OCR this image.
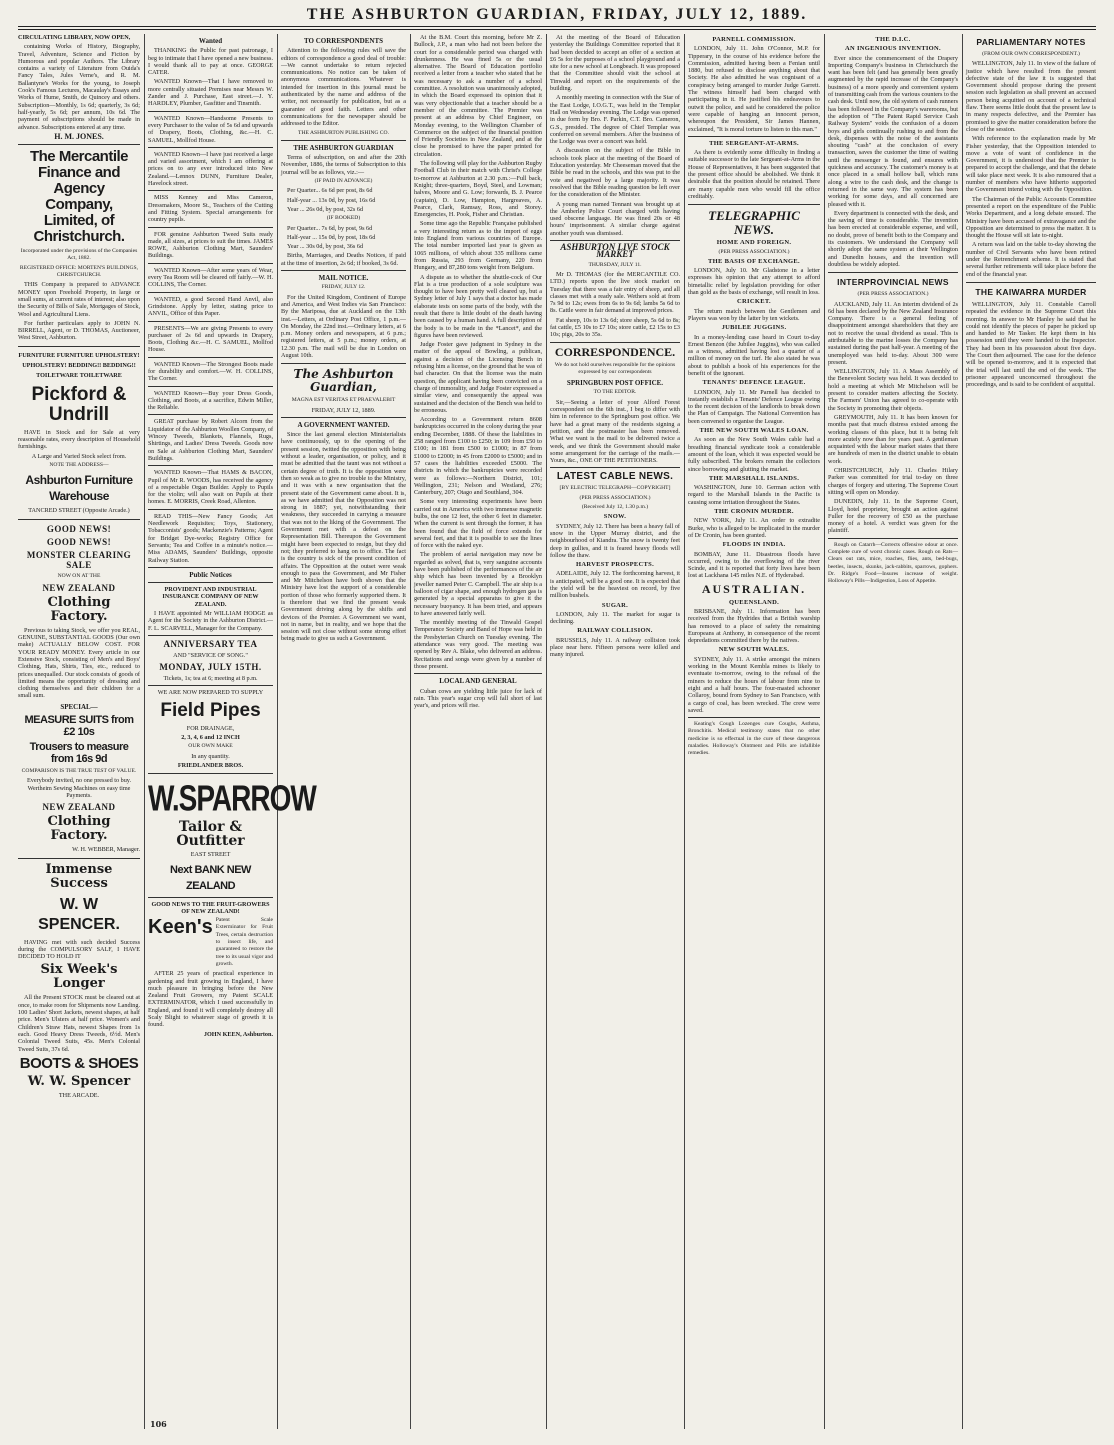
THE ASHBURTON GUARDIAN, FRIDAY, JULY 12, 1889.

CIRCULATING LIBRARY, NOW OPEN,

containing Works of History, Biography, Travel, Adventure, Science and Fiction by Humorous and popular Authors. The Library contains a variety of Literature from Ouida's Fancy Tales, Jules Verne's, and R. M. Ballantyne's Works for the young, to Joseph Cook's Famous Lectures, Macaulay's Essays and Works of Hume, Smith, de Quincey and others. Subscription—Monthly, 1s 6d; quarterly, 3s 6d; half-yearly, 5s 6d; per annum, 10s 6d. The payment of subscriptions should be made in advance. Subscriptions entered at any time.

H. M. JONES.

The Mercantile Finance and Agency Company, Limited, of Christchurch.

Incorporated under the provisions of the Companies Act, 1882.

REGISTERED OFFICE: MORTEN'S BUILDINGS, CHRISTCHURCH.

THIS Company is prepared to ADVANCE MONEY upon Freehold Property, in large or small sums, at current rates of interest; also upon the Security of Bills of Sale, Mortgages of Stock, Wool and Agricultural Liens.

For further particulars apply to JOHN N. BIRRELL, Agent, or D. THOMAS, Auctioneer, West Street, Ashburton.

FURNITURE FURNITURE UPHOLSTERY! UPHOLSTERY! BEDDING!! BEDDING!! TOILETWARE TOILETWARE

Pickford & Undrill

HAVE in Stock and for Sale at very reasonable rates, every description of Household furnishings.

A Large and Varied Stock select from.

NOTE THE ADDRESS—

Ashburton Furniture Warehouse

TANCRED STREET (Opposite Arcade.)

GOOD NEWS!
GOOD NEWS!
MONSTER CLEARING SALE

NOW ON AT THE

NEW ZEALAND
Clothing Factory.

Previous to taking Stock, we offer you REAL, GENUINE, SUBSTANTIAL GOODS (Our own make) ACTUALLY BELOW COST. FOR YOUR READY MONEY. Every article in our Extensive Stock, consisting of Men's and Boys' Clothing, Hats, Shirts, Ties, etc., reduced to prices unequalled. Our stock consists of goods of limited means the opportunity of dressing and clothing themselves and their children for a small sum.

SPECIAL—
MEASURE SUITS from £2 10s
Trousers to measure from 16s 9d

COMPARISON IS THE TRUE TEST OF VALUE.

Everybody invited, no one pressed to buy. Wertheim Sewing Machines on easy time Payments.

NEW ZEALAND
Clothing Factory.

W. H. WEBBER, Manager.

Immense Success
W. W SPENCER.

HAVING met with such decided Success during the COMPULSORY SALF, I HAVE DECIDED TO HOLD IT

Six Week's Longer

All the Present STOCK must be cleared out at once, to make room for Shipments now Landing. 100 Ladies' Short Jackets, newest shapes, at half price. Men's Ulsters at half price. Women's and Children's Straw Hats, newest Shapes from 1s each. Good Heavy Dress Tweeds, 6½d. Men's Colonial Tweed Suits, 45s. Men's Colonial Tweed Suits, 37s 6d.

BOOTS & SHOES
W. W. Spencer

THE ARCADE.

Wanted

THANKING the Public for past patronage, I beg to intimate that I have opened a new business. I would thank all to pay at once. GEORGE CATER.

WANTED Known—That I have removed to more centrally situated Premises near Messrs W. Zander and J. Purchase, East street.—J. Y. HARDLEY, Plumber, Gasfitter and Tinsmith.

WANTED Known—Handsome Presents to every Purchaser to the value of 5s 6d and upwards of Drapery, Boots, Clothing, &c.—H. C. SAMUEL, Mollfod House.

WANTED Known—I have just received a large and varied assortment, which I am offering at prices on to any ever introduced into New Zealand.—Lennox DUNN, Furniture Dealer, Havelock street.

MISS Kenney and Miss Cameron, Dressmakers, Moore St., Teachers of the Cutting and Fitting System. Special arrangements for country pupils.

FOR genuine Ashburton Tweed Suits ready made, all sizes, at prices to suit the times. JAMES ROWE, Ashburton Clothing Mart, Saunders' Buildings.

WANTED Known—After some years of Wear, every Tea Room will be cleared off fairly.—W. H. COLLINS, The Corner.

WANTED, a good Second Hand Anvil, also Grindstone. Apply by letter, stating price to ANVIL, Office of this Paper.

PRESENTS—We are giving Presents to every purchaser of 2s 6d and upwards in Drapery, Boots, Clothing &c.—H. C. SAMUEL, Mollfod House.

WANTED Known—The Strongest Boots made for durability and comfort.—W. H. COLLINS, The Corner.

WANTED Known—Buy your Dress Goods, Clothing, and Boots, at a sacrifice, Edwin Miller, the Reliable.

GREAT purchase by Robert Alcorn from the Liquidator of the Ashburton Woollen Company, of Wincey Tweeds, Blankets, Flannels, Rugs, Shirtings, and Ladies' Dress Tweeds. Goods now on Sale at Ashburton Clothing Mart, Saunders' Buildings.

WANTED Known—That HAMS & BACON, Pupil of Mr R. WOODS, has received the agency of a respectable Organ Builder. Apply to Pupils for the violin; will also wait on Pupils at their homes. E. MORRIS, Creek Road, Allenton.

READ THIS—New Fancy Goods; Art Needlework Requisites; Toys, Stationery, Tobacconists' goods; Mackenzie's Patterns; Agent for Bridget Dye-works; Registry Office for Servants; Tea and Coffee in a minute's notice.—Miss ADAMS, Saunders' Buildings, opposite Railway Station.

Public Notices

PROVIDENT AND INDUSTRIAL INSURANCE COMPANY OF NEW ZEALAND.

I HAVE appointed Mr WILLIAM HODGE as Agent for the Society in the Ashburton District.—F. L. SCARVELL, Manager for the Company.

ANNIVERSARY TEA

AND "SERVICE OF SONG."

MONDAY, JULY 15TH.

Tickets, 1s; tea at 6; meeting at 8 p.m.

WE ARE NOW PREPARED TO SUPPLY

Field Pipes

FOR DRAINAGE,

2, 3, 4, 6 and 12 INCH

OUR OWN MAKE

In any quantity.

FRIEDLANDER BROS.

W.SPARROW
Tailor & Outfitter

EAST STREET

Next BANK NEW ZEALAND

GOOD NEWS TO THE FRUIT-GROWERS OF NEW ZEALAND!

Keen's Patent Scale Exterminator for Fruit Trees, certain destruction to insect life, and guaranteed to restore the tree to its usual vigor and growth.

AFTER 25 years of practical experience in gardening and fruit growing in England, I have much pleasure in bringing before the New Zealand Fruit Growers, my Patent SCALE EXTERMINATOR, which I used successfully in England, and found it will completely destroy all Scaly Blight to whatever stage of growth it is found.

JOHN KEEN, Ashburton.

106
TO CORRESPONDENTS

Attention to the following rules will save the editors of correspondence a good deal of trouble:—We cannot undertake to return rejected communications. No notice can be taken of anonymous communications. Whatever is intended for insertion in this journal must be authenticated by the name and address of the writer, not necessarily for publication, but as a guarantee of good faith. Letters and other communications for the newspaper should be addressed to the Editor.

THE ASHBURTON PUBLISHING CO.

THE ASHBURTON GUARDIAN

Terms of subscription, on and after the 20th November, 1886, the terms of Subscription to this journal will be as follows, viz.:—

(IF PAID IN ADVANCE)

Per Quarter... 6s 6d per post, 8s 6d

Half-year ... 13s 0d, by post, 16s 6d

Year ... 26s 0d, by post, 32s 6d

(IF BOOKED)

Per Quarter... 7s 6d, by post, 9s 6d

Half-year ... 15s 0d, by post, 18s 6d

Year ... 30s 0d, by post, 36s 6d

Births, Marriages, and Deaths Notices, if paid at the time of insertion, 2s 6d; if booked, 3s 6d.

MAIL NOTICE.

FRIDAY, JULY 12.

For the United Kingdom, Continent of Europe and America, and West Indies via San Francisco: By the Mariposa, due at Auckland on the 13th inst.—Letters, at Ordinary Post Office, 1 p.m.—On Monday, the 22nd inst.—Ordinary letters, at 6 p.m. Money orders and newspapers, at 6 p.m.; registered letters, at 5 p.m.; money orders, at 12.30 p.m. The mail will be due in London on August 10th.

The Ashburton Guardian,

MAGNA EST VERITAS ET PRAEVALEBIT

FRIDAY, JULY 12, 1889.

A GOVERNMENT WANTED.

Since the last general election Ministerialists have continuously, up to the opening of the present session, twitted the opposition with being without a leader, organisation, or policy, and it must be admitted that the taunt was not without a certain degree of truth. It is the opposition were then so weak as to give no trouble to the Ministry, and it was with a new organisation that the present state of the Government came about. It is, as we have admitted that the Opposition was not strong in 1887; yet, notwithstanding their weakness, they succeeded in carrying a measure that was not to the liking of the Government. The Government met with a defeat on the Representation Bill. Thereupon the Government might have been expected to resign, but they did not; they preferred to hang on to office. The fact is the country is sick of the present condition of affairs. The Opposition at the outset were weak enough to pass the Government, and Mr Fisher and Mr Mitchelson have both shown that the Ministry have lost the support of a considerable portion of those who formerly supported them. It is therefore that we find the present weak Government driving along by the shifts and devices of the Premier. A Government we want, not in name, but in reality, and we hope that the session will not close without some strong effort being made to give us such a Government.

At the B.M. Court this morning, before Mr Z. Bullock, J.P., a man who had not been before the court for a considerable period was charged with drunkenness. He was fined 5s or the usual alternative. The Board of Education portfolio received a letter from a teacher who stated that he was necessary to ask a number of a school committee. A resolution was unanimously adopted, in which the Board expressed its opinion that it was very objectionable that a teacher should be a member of the committee. The Premier was present at an address by Chief Engineer, on Monday evening, to the Wellington Chamber of Commerce on the subject of the financial position of Friendly Societies in New Zealand, and at the close he promised to have the paper printed for circulation.

The following will play for the Ashburton Rugby Football Club in their match with Christ's College to-morrow at Ashburton at 2.30 p.m.:—Full back, Knight; three-quarters, Boyd, Steel, and Lowman; halves, Moore and G. Low; forwards, B. J. Pearce (captain), D. Low, Hampton, Hargreaves, A. Pearce, Clark, Ramsay, Ross, and Storey. Emergencies, H. Pook, Fisher and Christian.

Some time ago the Republic Française published a very interesting return as to the import of eggs into England from various countries of Europe. The total number imported last year is given as 1065 millions, of which about 335 millions came from Russia, 293 from Germany, 220 from Hungary, and 87,280 tons weight from Belgium.

A dispute as to whether the shuttle-cock of Our Flat is a true production of a sole sculpture was thought to have been pretty well cleared up, but a Sydney letter of July 1 says that a doctor has made elaborate tests on some parts of the body, with the result that there is little doubt of the death having been caused by a human hand. A full description of the body is to be made in the *Lancet*, and the figures have been reviewed.

Judge Foster gave judgment in Sydney in the matter of the appeal of Bowling, a publican, against a decision of the Licensing Bench in refusing him a license, on the ground that he was of bad character. On that the license was the main question, the applicant having been convicted on a charge of immorality, and Judge Foster expressed a similar view, and consequently the appeal was sustained and the decision of the Bench was held to be erroneous.

According to a Government return 8608 bankruptcies occurred in the colony during the year ending December, 1888. Of these the liabilities in 258 ranged from £100 to £250; in 109 from £50 to £100; in 181 from £500 to £1000; in 87 from £1000 to £2000; in 45 from £2000 to £5000; and in 57 cases the liabilities exceeded £5000. The districts in which the bankruptcies were recorded were as follows:—Northern District, 101; Wellington, 231; Nelson and Westland, 276; Canterbury, 207; Otago and Southland, 304.

Some very interesting experiments have been carried out in America with two immense magnetic bulbs, the one 12 feet, the other 6 feet in diameter. When the current is sent through the former, it has been found that the field of force extends for several feet, and that it is possible to see the lines of force with the naked eye.

The problem of aerial navigation may now be regarded as solved, that is, very sanguine accounts have been published of the performances of the air ship which has been invented by a Brooklyn jeweller named Peter C. Campbell. The air ship is a balloon of cigar shape, and enough hydrogen gas is generated by a special apparatus to give it the necessary buoyancy. It has been tried, and appears to have answered fairly well.

The monthly meeting of the Tinwald Gospel Temperance Society and Band of Hope was held in the Presbyterian Church on Tuesday evening. The attendance was very good. The meeting was opened by Rev A. Blake, who delivered an address. Recitations and songs were given by a number of those present.

LOCAL AND GENERAL

Cuban cows are yielding little juice for lack of rain. This year's sugar crop will fall short of last year's, and prices will rise.

At the meeting of the Board of Education yesterday the Buildings Committee reported that it had been decided to accept an offer of a section at £6 5s for the purposes of a school playground and a site for a new school at Longbeach. It was proposed that the Committee should visit the school at Tinwald and report on the requirements of the building.

A monthly meeting in connection with the Star of the East Lodge, I.O.G.T., was held in the Templar Hall on Wednesday evening. The Lodge was opened in due form by Bro. F. Parkin, C.T. Bro. Cameron, G.S., presided. The degree of Chief Templar was conferred on several members. After the business of the Lodge was over a concert was held.

A discussion on the subject of the Bible in schools took place at the meeting of the Board of Education yesterday. Mr Cheeseman moved that the Bible be read in the schools, and this was put to the vote and negatived by a large majority. It was resolved that the Bible reading question be left over for the consideration of the Minister.

A young man named Tennant was brought up at the Amberley Police Court charged with having used obscene language. He was fined 20s or 48 hours' imprisonment. A similar charge against another youth was dismissed.

ASHBURTON LIVE STOCK MARKET

THURSDAY, JULY 11.

Mr D. THOMAS (for the MERCANTILE CO. LTD.) reports upon the live stock market on Tuesday that there was a fair entry of sheep, and all classes met with a ready sale. Wethers sold at from 7s 9d to 12s; ewes from 6s to 9s 6d; lambs 5s 6d to 8s. Cattle were in fair demand at improved prices.

Fat sheep, 10s to 13s 6d; store sheep, 5s 6d to 8s; fat cattle, £5 10s to £7 10s; store cattle, £2 15s to £3 10s; pigs, 20s to 35s.

CORRESPONDENCE.

We do not hold ourselves responsible for the opinions expressed by our correspondents

SPRINGBURN POST OFFICE.

TO THE EDITOR.

Sir,—Seeing a letter of your Alford Forest correspondent on the 6th inst., I beg to differ with him in reference to the Springburn post office. We have had a great many of the residents signing a petition, and the postmaster has been removed. What we want is the mail to be delivered twice a week, and we think the Government should make some arrangement for the carriage of the mails.—Yours, &c., ONE OF THE PETITIONERS.

LATEST CABLE NEWS.

[BY ELECTRIC TELEGRAPH—COPYRIGHT]

(PER PRESS ASSOCIATION.)

(Received July 12, 1.30 p.m.)

SNOW.

SYDNEY, July 12. There has been a heavy fall of snow in the Upper Murray district, and the neighbourhood of Kiandra. The snow is twenty feet deep in gullies, and it is feared heavy floods will follow the thaw.

HARVEST PROSPECTS.

ADELAIDE, July 12. The forthcoming harvest, it is anticipated, will be a good one. It is expected that the yield will be the heaviest on record, by five million bushels.

SUGAR.

LONDON, July 11. The market for sugar is declining.

RAILWAY COLLISION.

BRUSSELS, July 11. A railway collision took place near here. Fifteen persons were killed and many injured.

PARNELL COMMISSION.

LONDON, July 11. John O'Connor, M.P. for Tipperary, in the course of his evidence before the Commission, admitted having been a Fenian until 1880, but refused to disclose anything about that Society. He also admitted he was cognisant of a conspiracy being arranged to murder Judge Garrett. The witness himself had been charged with participating in it. He justified his endeavours to outwit the police, and said he considered the police were capable of hanging an innocent person, whereupon the President, Sir James Hannen, exclaimed, "It is moral torture to listen to this man."

THE SERGEANT-AT-ARMS.

As there is evidently some difficulty in finding a suitable successor to the late Sergeant-at-Arms in the House of Representatives, it has been suggested that the present office should be abolished. We think it desirable that the position should be retained. There are many capable men who would fill the office creditably.

TELEGRAPHIC NEWS.
HOME AND FOREIGN.

(PER PRESS ASSOCIATION.)

THE BASIS OF EXCHANGE.

LONDON, July 10. Mr Gladstone in a letter expresses his opinion that any attempt to afford bimetallic relief by legislation providing for other than gold as the basis of exchange, will result in loss.

CRICKET.

The return match between the Gentlemen and Players was won by the latter by ten wickets.

JUBILEE JUGGINS.

In a money-lending case heard in Court to-day Ernest Benzon (the Jubilee Juggins), who was called as a witness, admitted having lost a quarter of a million of money on the turf. He also stated he was about to publish a book of his experiences for the benefit of the ignorant.

TENANTS' DEFENCE LEAGUE.

LONDON, July 11. Mr Parnell has decided to instantly establish a Tenants' Defence League owing to the recent decision of the landlords to break down the Plan of Campaign. The National Convention has been convened to organise the League.

THE NEW SOUTH WALES LOAN.

As soon as the New South Wales cable had a breathing financial syndicate took a considerable amount of the loan, which it was expected would be fully subscribed. The brokers remain the collectors since borrowing and glutting the market.

THE MARSHALL ISLANDS.

WASHINGTON, June 10. German action with regard to the Marshall Islands in the Pacific is causing some irritation throughout the States.

THE CRONIN MURDER.

NEW YORK, July 11. An order to extradite Burke, who is alleged to be implicated in the murder of Dr Cronin, has been granted.

FLOODS IN INDIA.

BOMBAY, June 11. Disastrous floods have occurred, owing to the overflowing of the river Scinde, and it is reported that forty lives have been lost at Lackhana 145 miles N.E. of Hyderabad.

AUSTRALIAN.
QUEENSLAND.

BRISBANE, July 11. Information has been received from the Hydrides that a British warship has removed to a place of safety the remaining Europeans at Anthony, in consequence of the recent depredations committed there by the natives.

NEW SOUTH WALES.

SYDNEY, July 11. A strike amongst the miners working in the Mount Kembla mines is likely to eventuate to-morrow, owing to the refusal of the miners to reduce the hours of labour from nine to eight and a half hours. The four-masted schooner Collaroy, bound from Sydney to San Francisco, with a cargo of coal, has been wrecked. The crew were saved.

Keating's Cough Lozenges cure Coughs, Asthma, Bronchitis. Medical testimony states that no other medicine is so effectual in the cure of these dangerous maladies. Holloway's Ointment and Pills are infallible remedies.

THE D.I.C.
AN INGENIOUS INVENTION.

Ever since the commencement of the Drapery Importing Company's business in Christchurch the want has been felt (and has generally been greatly augmented by the rapid increase of the Company's business) of a more speedy and convenient system of transmitting cash from the various counters to the cash desk. Until now, the old system of cash runners has been followed in the Company's warerooms, but the adoption of "The Patent Rapid Service Cash Railway System" voids the confusion of a dozen boys and girls continually rushing to and from the desk, dispenses with the noise of the assistants shouting "cash" at the conclusion of every transaction, saves the customer the time of waiting until the messenger is found, and ensures with quickness and accuracy. The customer's money is at once placed in a small hollow ball, which runs along a wire to the cash desk, and the change is returned in the same way. The system has been working for some days, and all concerned are pleased with it.

Every department is connected with the desk, and the saving of time is considerable. The invention has been erected at considerable expense, and will, no doubt, prove of benefit both to the Company and its customers. We understand the Company will shortly adopt the same system at their Wellington and Dunedin houses, and the invention will doubtless be widely adopted.

INTERPROVINCIAL NEWS

(PER PRESS ASSOCIATION.)

AUCKLAND, July 11. An interim dividend of 2s 6d has been declared by the New Zealand Insurance Company. There is a general feeling of disappointment amongst shareholders that they are not to receive the usual dividend as usual. This is attributable to the marine losses the Company has sustained during the past half-year. A meeting of the unemployed was held to-day. About 300 were present.

WELLINGTON, July 11. A Mass Assembly of the Benevolent Society was held. It was decided to hold a meeting at which Mr Mitchelson will be present to consider matters affecting the Society. The Farmers' Union has agreed to co-operate with the Society in promoting their objects.

GREYMOUTH, July 11. It has been known for months past that much distress existed among the working classes of this place, but it is being felt more acutely now than for years past. A gentleman acquainted with the labour market states that there are hundreds of men in the district unable to obtain work.

CHRISTCHURCH, July 11. Charles Hilary Parker was committed for trial to-day on three charges of forgery and uttering. The Supreme Court sitting will open on Monday.

DUNEDIN, July 11. In the Supreme Court, Lloyd, hotel proprietor, brought an action against Fuller for the recovery of £50 as the purchase money of a hotel. A verdict was given for the plaintiff.

Rough on Catarrh—Corrects offensive odour at once. Complete cure of worst chronic cases. Rough on Rats—Clears out rats, mice, roaches, flies, ants, bed-bugs, beetles, insects, skunks, jack-rabbits, sparrows, gophers. Dr. Ridge's Food—Insures increase of weight. Holloway's Pills—Indigestion, Loss of Appetite.

PARLIAMENTARY NOTES

(FROM OUR OWN CORRESPONDENT.)

WELLINGTON, July 11. In view of the failure of justice which have resulted from the present defective state of the law it is suggested that Government should propose during the present session such legislation as shall prevent an accused person being acquitted on account of a technical flaw. There seems little doubt that the present law is in many respects defective, and the Premier has promised to give the matter consideration before the close of the session.

With reference to the explanation made by Mr Fisher yesterday, that the Opposition intended to move a vote of want of confidence in the Government, it is understood that the Premier is prepared to accept the challenge, and that the debate will take place next week. It is also rumoured that a number of members who have hitherto supported the Government intend voting with the Opposition.

The Chairman of the Public Accounts Committee presented a report on the expenditure of the Public Works Department, and a long debate ensued. The Ministry have been accused of extravagance and the Opposition are determined to press the matter. It is thought the House will sit late to-night.

A return was laid on the table to-day showing the number of Civil Servants who have been retired under the Retrenchment scheme. It is stated that several further retirements will take place before the end of the financial year.

THE KAIWARRA MURDER

WELLINGTON, July 11. Constable Carroll repeated the evidence in the Supreme Court this morning. In answer to Mr Hanley he said that he could not identify the pieces of paper he picked up and handed to Mr Tasker. He kept them in his possession until they were handed to the Inspector. They had been in his possession about five days. The Court then adjourned. The case for the defence will be opened to-morrow, and it is expected that the trial will last until the end of the week. The prisoner appeared unconcerned throughout the proceedings, and is said to be confident of acquittal.
